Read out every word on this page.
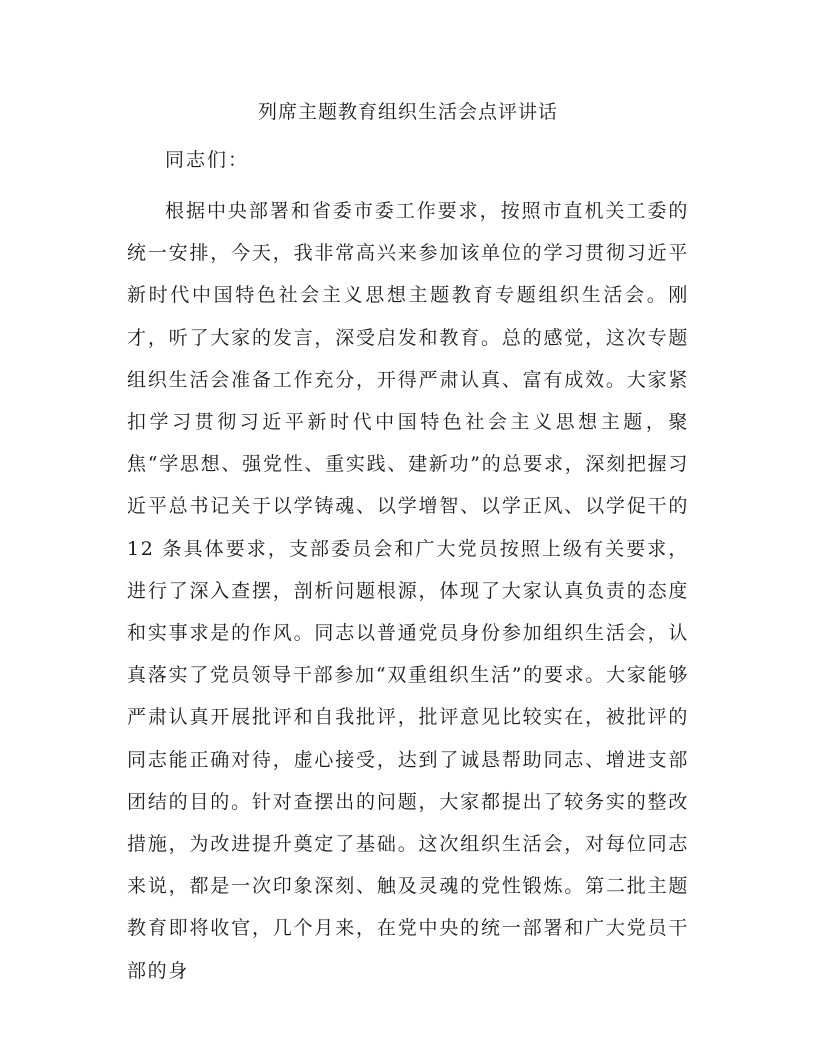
列席主题教育组织生活会点评讲话
同志们：

根据中央部署和省委市委工作要求，按照市直机关工委的统一安排，今天，我非常高兴来参加该单位的学习贯彻习近平新时代中国特色社会主义思想主题教育专题组织生活会。刚才，听了大家的发言，深受启发和教育。总的感觉，这次专题组织生活会准备工作充分，开得严肃认真、富有成效。大家紧扣学习贯彻习近平新时代中国特色社会主义思想主题，聚焦“学思想、强党性、重实践、建新功”的总要求，深刻把握习近平总书记关于以学铸魂、以学增智、以学正风、以学促干的 12 条具体要求，支部委员会和广大党员按照上级有关要求，进行了深入查摆，剖析问题根源，体现了大家认真负责的态度和实事求是的作风。同志以普通党员身份参加组织生活会，认真落实了党员领导干部参加“双重组织生活”的要求。大家能够严肃认真开展批评和自我批评，批评意见比较实在，被批评的同志能正确对待，虚心接受，达到了诚恳帮助同志、增进支部团结的目的。针对查摆出的问题，大家都提出了较务实的整改措施，为改进提升奠定了基础。这次组织生活会，对每位同志来说，都是一次印象深刻、触及灵魂的党性锻炼。第二批主题教育即将收官，几个月来，在党中央的统一部署和广大党员干部的身
